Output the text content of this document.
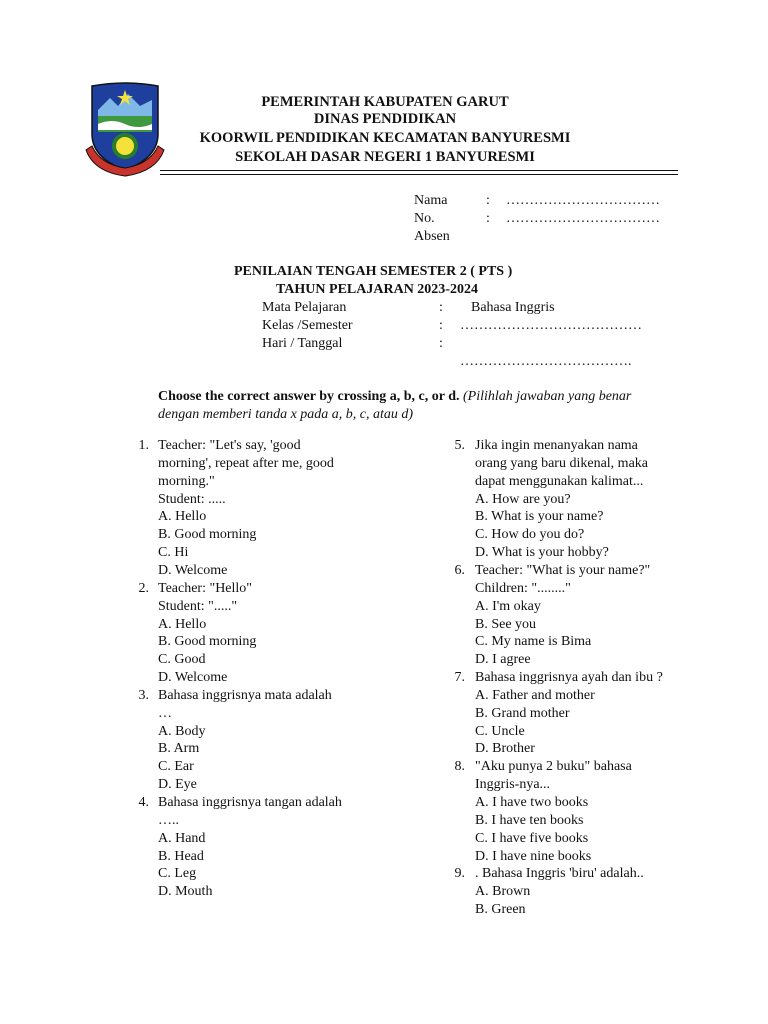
PEMERINTAH KABUPATEN GARUT
DINAS PENDIDIKAN
KOORWIL PENDIDIKAN KECAMATAN BANYURESMI
SEKOLAH DASAR NEGERI 1 BANYURESMI
Nama	: ……………………………
No.	: ……………………………
Absen
PENILAIAN TENGAH SEMESTER 2 ( PTS )
TAHUN PELAJARAN 2023-2024
Mata Pelajaran	: Bahasa Inggris
Kelas /Semester	: …………………………………
Hari / Tanggal	:
……………………………….
Choose the correct answer by crossing a, b, c, or d. (Pilihlah jawaban yang benar
dengan memberi tanda x pada a, b, c, atau d)
1. Teacher: "Let's say, 'good
morning', repeat after me, good
morning."
Student: .....
A. Hello
B. Good morning
C. Hi
D. Welcome
2. Teacher: "Hello"
Student: "....."
A. Hello
B. Good morning
C. Good
D. Welcome
3. Bahasa inggrisnya mata adalah
…
A. Body
B. Arm
C. Ear
D. Eye
4. Bahasa inggrisnya tangan adalah
…..
A. Hand
B. Head
C. Leg
D. Mouth
5. Jika ingin menanyakan nama
orang yang baru dikenal, maka
dapat menggunakan kalimat...
A. How are you?
B. What is your name?
C. How do you do?
D. What is your hobby?
6. Teacher: "What is your name?"
Children: "........"
A. I'm okay
B. See you
C. My name is Bima
D. I agree
7. Bahasa inggrisnya ayah dan ibu ?
A. Father and mother
B. Grand mother
C. Uncle
D. Brother
8. "Aku punya 2 buku" bahasa
Inggris-nya...
A. I have two books
B. I have ten books
C. I have five books
D. I have nine books
9. . Bahasa Inggris 'biru' adalah..
A. Brown
B. Green
